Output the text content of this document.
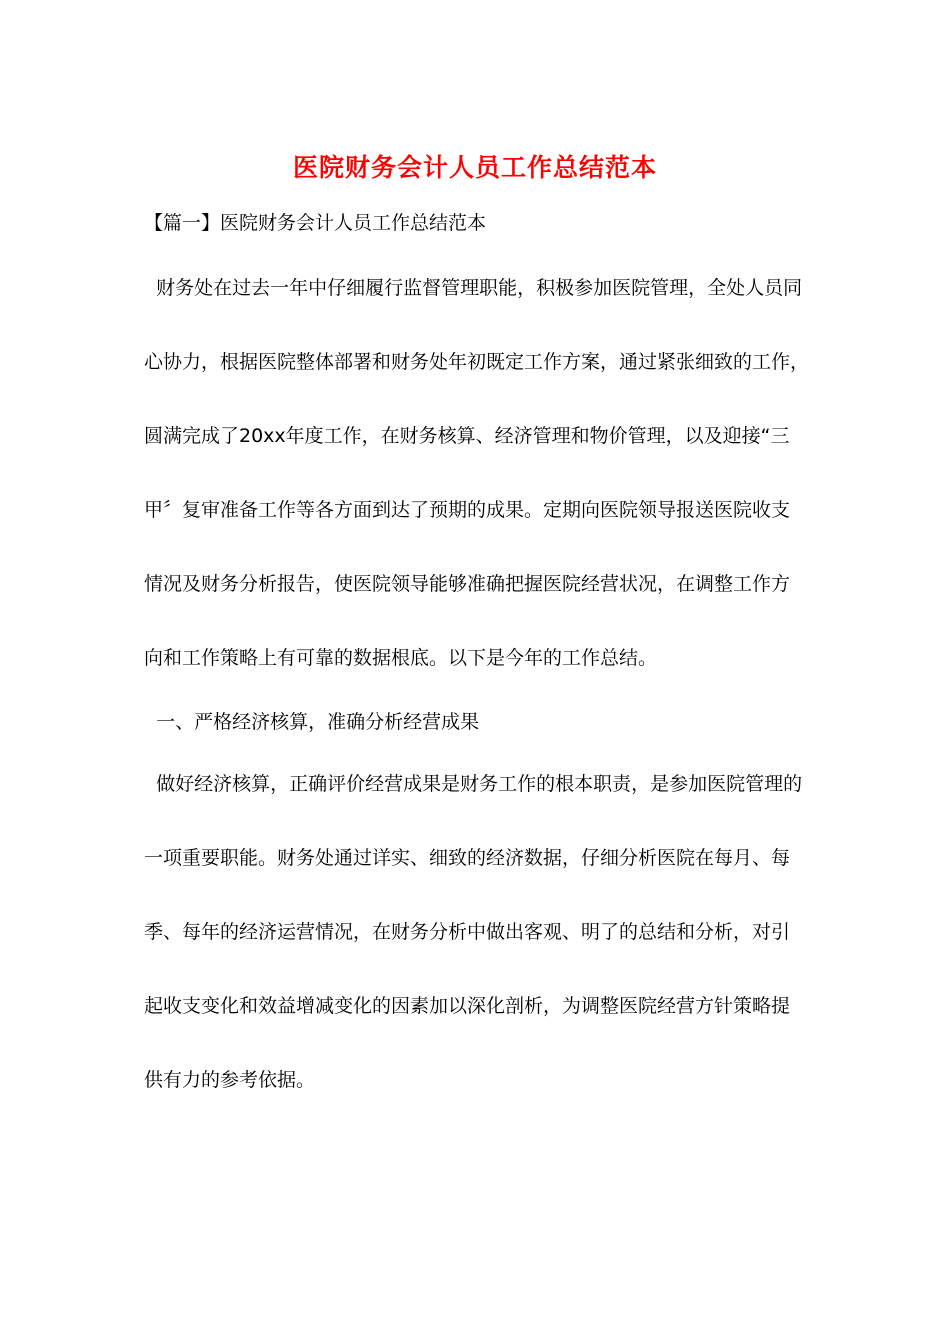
医院财务会计人员工作总结范本
【篇一】医院财务会计人员工作总结范本
财务处在过去一年中仔细履行监督管理职能，积极参加医院管理，全处人员同
心协力，根据医院整体部署和财务处年初既定工作方案，通过紧张细致的工作，
圆满完成了20xx年度工作，在财务核算、经济管理和物价管理，以及迎接“三
甲〞复审准备工作等各方面到达了预期的成果。定期向医院领导报送医院收支
情况及财务分析报告，使医院领导能够准确把握医院经营状况，在调整工作方
向和工作策略上有可靠的数据根底。以下是今年的工作总结。
一、严格经济核算，准确分析经营成果
做好经济核算，正确评价经营成果是财务工作的根本职责，是参加医院管理的
一项重要职能。财务处通过详实、细致的经济数据，仔细分析医院在每月、每
季、每年的经济运营情况，在财务分析中做出客观、明了的总结和分析，对引
起收支变化和效益增减变化的因素加以深化剖析，为调整医院经营方针策略提
供有力的参考依据。
